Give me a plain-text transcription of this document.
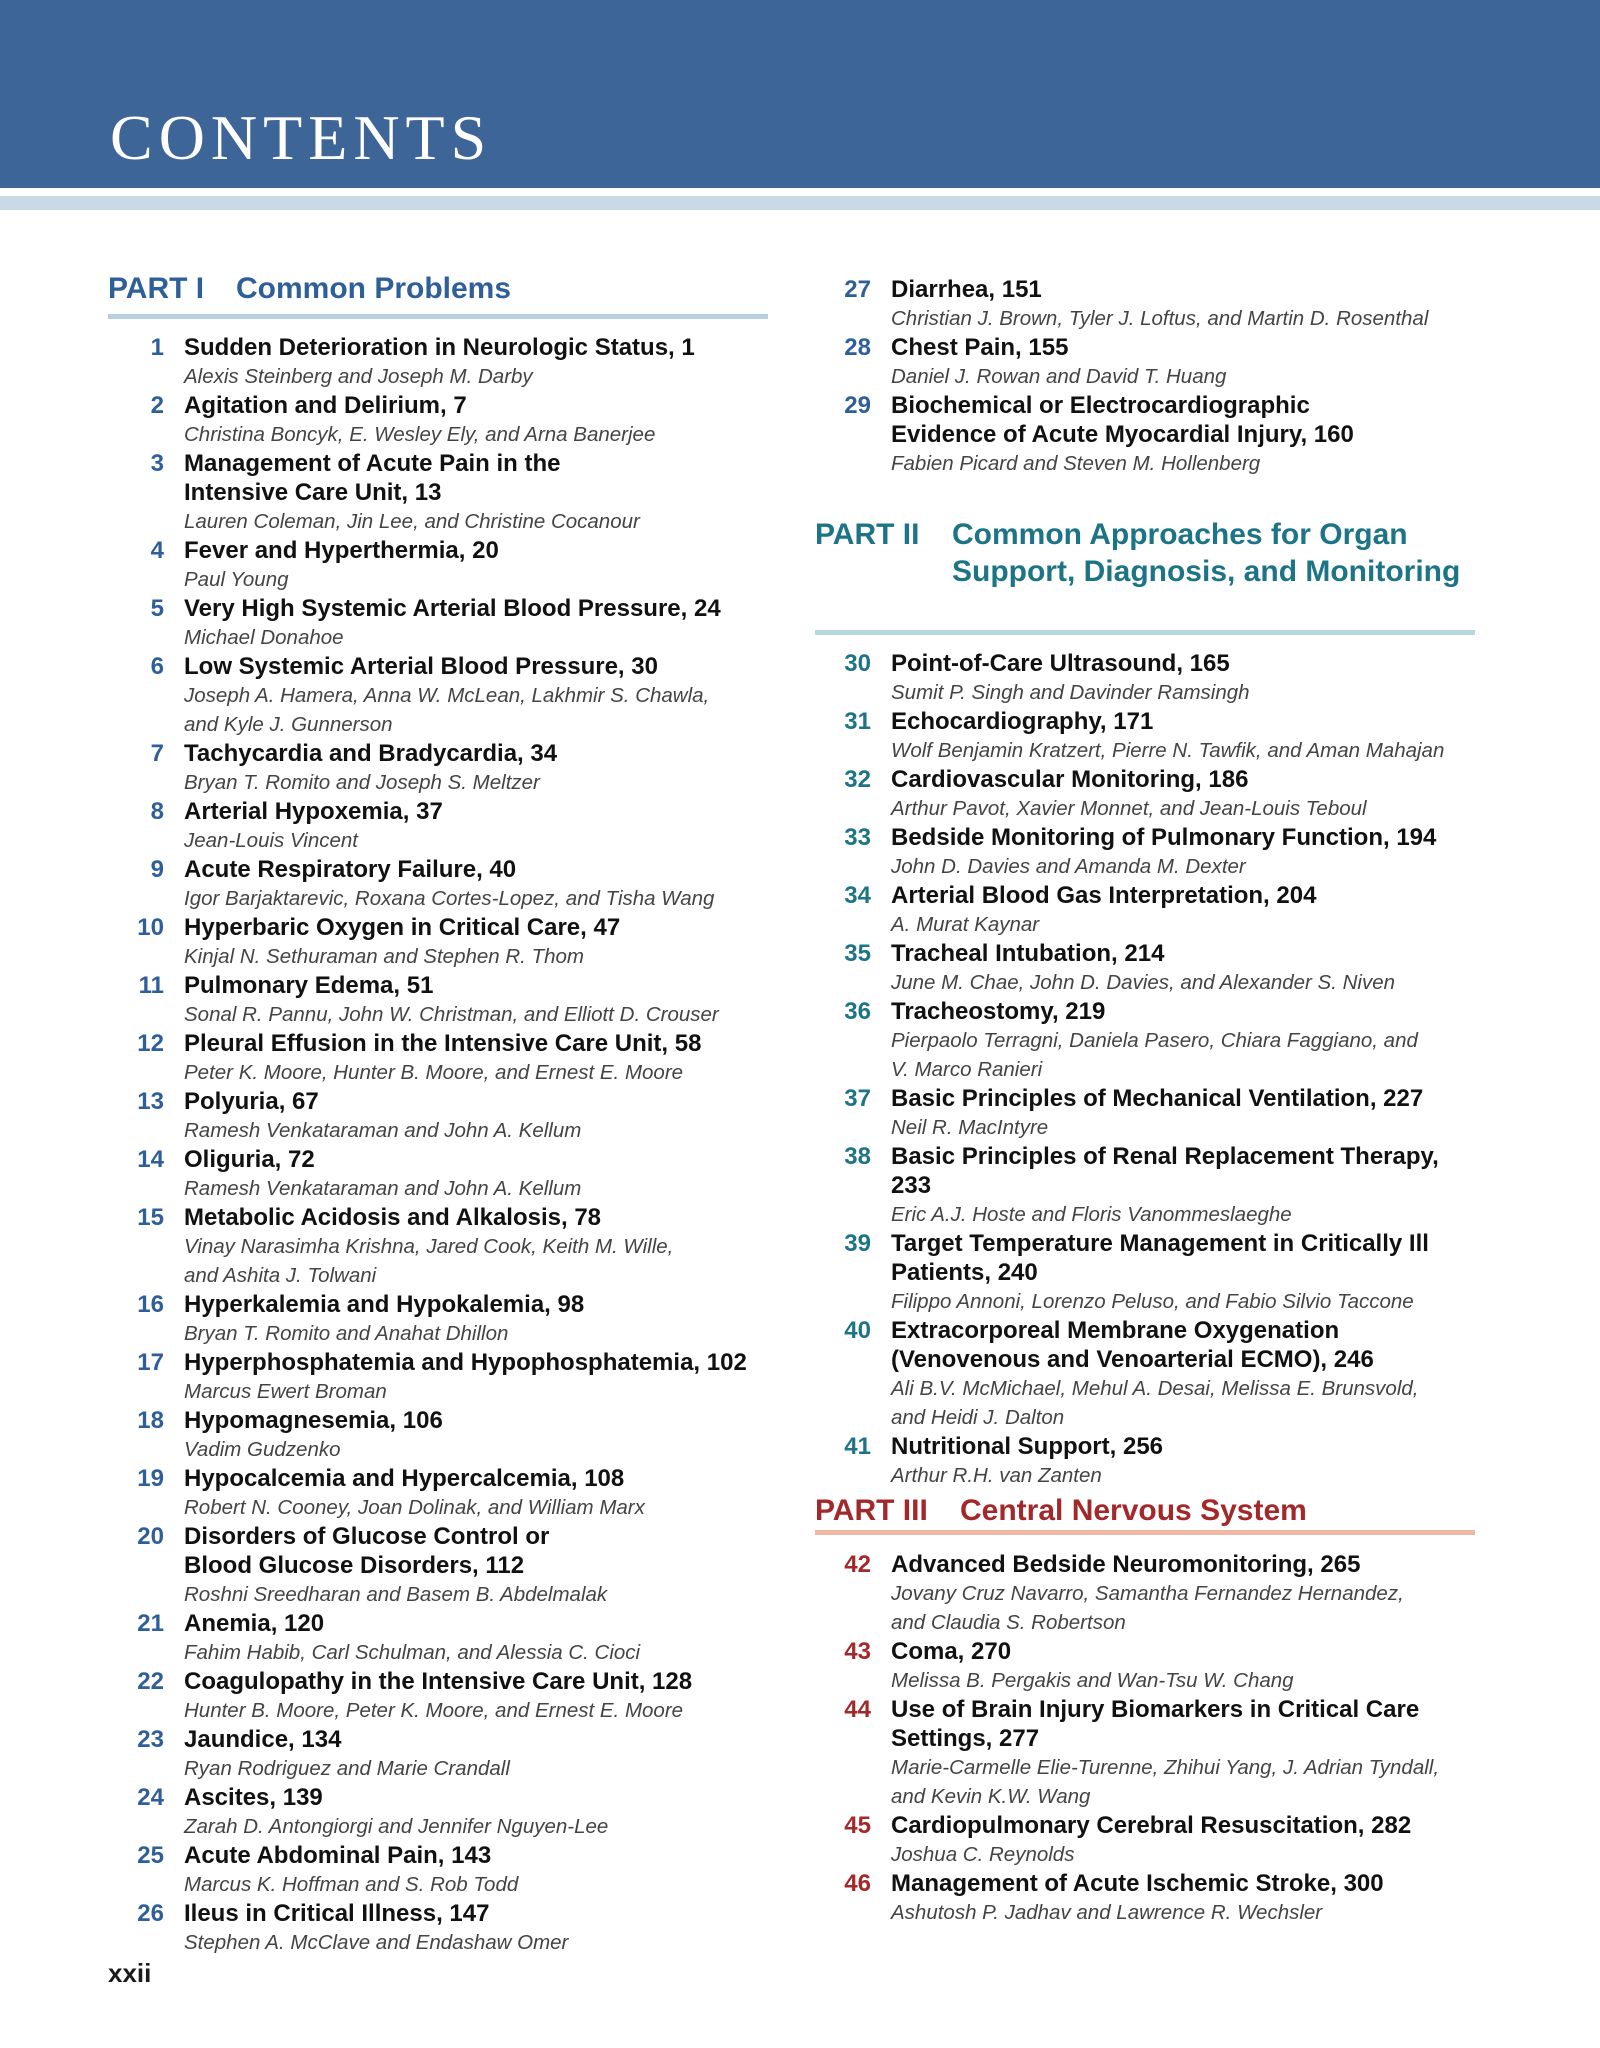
CONTENTS
PART I	Common Problems
1 Sudden Deterioration in Neurologic Status, 1
Alexis Steinberg and Joseph M. Darby
2 Agitation and Delirium, 7
Christina Boncyk, E. Wesley Ely, and Arna Banerjee
3 Management of Acute Pain in the
Intensive Care Unit, 13
Lauren Coleman, Jin Lee, and Christine Cocanour
4 Fever and Hyperthermia, 20
Paul Young
5 Very High Systemic Arterial Blood Pressure, 24
Michael Donahoe
6 Low Systemic Arterial Blood Pressure, 30
Joseph A. Hamera, Anna W. McLean, Lakhmir S. Chawla,
and Kyle J. Gunnerson
7 Tachycardia and Bradycardia, 34
Bryan T. Romito and Joseph S. Meltzer
8 Arterial Hypoxemia, 37
Jean-Louis Vincent
9 Acute Respiratory Failure, 40
Igor Barjaktarevic, Roxana Cortes-Lopez, and Tisha Wang
10 Hyperbaric Oxygen in Critical Care, 47
Kinjal N. Sethuraman and Stephen R. Thom
11 Pulmonary Edema, 51
Sonal R. Pannu, John W. Christman, and Elliott D. Crouser
12 Pleural Effusion in the Intensive Care Unit, 58
Peter K. Moore, Hunter B. Moore, and Ernest E. Moore
13 Polyuria, 67
Ramesh Venkataraman and John A. Kellum
14 Oliguria, 72
Ramesh Venkataraman and John A. Kellum
15 Metabolic Acidosis and Alkalosis, 78
Vinay Narasimha Krishna, Jared Cook, Keith M. Wille,
and Ashita J. Tolwani
16 Hyperkalemia and Hypokalemia, 98
Bryan T. Romito and Anahat Dhillon
17 Hyperphosphatemia and Hypophosphatemia, 102
Marcus Ewert Broman
18 Hypomagnesemia, 106
Vadim Gudzenko
19 Hypocalcemia and Hypercalcemia, 108
Robert N. Cooney, Joan Dolinak, and William Marx
20 Disorders of Glucose Control or
Blood Glucose Disorders, 112
Roshni Sreedharan and Basem B. Abdelmalak
21 Anemia, 120
Fahim Habib, Carl Schulman, and Alessia C. Cioci
22 Coagulopathy in the Intensive Care Unit, 128
Hunter B. Moore, Peter K. Moore, and Ernest E. Moore
23 Jaundice, 134
Ryan Rodriguez and Marie Crandall
24 Ascites, 139
Zarah D. Antongiorgi and Jennifer Nguyen-Lee
25 Acute Abdominal Pain, 143
Marcus K. Hoffman and S. Rob Todd
26 Ileus in Critical Illness, 147
Stephen A. McClave and Endashaw Omer
27 Diarrhea, 151
Christian J. Brown, Tyler J. Loftus, and Martin D. Rosenthal
28 Chest Pain, 155
Daniel J. Rowan and David T. Huang
29 Biochemical or Electrocardiographic
Evidence of Acute Myocardial Injury, 160
Fabien Picard and Steven M. Hollenberg
PART II	Common Approaches for Organ Support, Diagnosis, and Monitoring
30 Point-of-Care Ultrasound, 165
Sumit P. Singh and Davinder Ramsingh
31 Echocardiography, 171
Wolf Benjamin Kratzert, Pierre N. Tawfik, and Aman Mahajan
32 Cardiovascular Monitoring, 186
Arthur Pavot, Xavier Monnet, and Jean-Louis Teboul
33 Bedside Monitoring of Pulmonary Function, 194
John D. Davies and Amanda M. Dexter
34 Arterial Blood Gas Interpretation, 204
A. Murat Kaynar
35 Tracheal Intubation, 214
June M. Chae, John D. Davies, and Alexander S. Niven
36 Tracheostomy, 219
Pierpaolo Terragni, Daniela Pasero, Chiara Faggiano, and
V. Marco Ranieri
37 Basic Principles of Mechanical Ventilation, 227
Neil R. MacIntyre
38 Basic Principles of Renal Replacement Therapy, 233
Eric A.J. Hoste and Floris Vanommeslaeghe
39 Target Temperature Management in Critically Ill
Patients, 240
Filippo Annoni, Lorenzo Peluso, and Fabio Silvio Taccone
40 Extracorporeal Membrane Oxygenation
(Venovenous and Venoarterial ECMO), 246
Ali B.V. McMichael, Mehul A. Desai, Melissa E. Brunsvold,
and Heidi J. Dalton
41 Nutritional Support, 256
Arthur R.H. van Zanten
PART III	Central Nervous System
42 Advanced Bedside Neuromonitoring, 265
Jovany Cruz Navarro, Samantha Fernandez Hernandez,
and Claudia S. Robertson
43 Coma, 270
Melissa B. Pergakis and Wan-Tsu W. Chang
44 Use of Brain Injury Biomarkers in Critical Care
Settings, 277
Marie-Carmelle Elie-Turenne, Zhihui Yang, J. Adrian Tyndall,
and Kevin K.W. Wang
45 Cardiopulmonary Cerebral Resuscitation, 282
Joshua C. Reynolds
46 Management of Acute Ischemic Stroke, 300
Ashutosh P. Jadhav and Lawrence R. Wechsler
xxii
